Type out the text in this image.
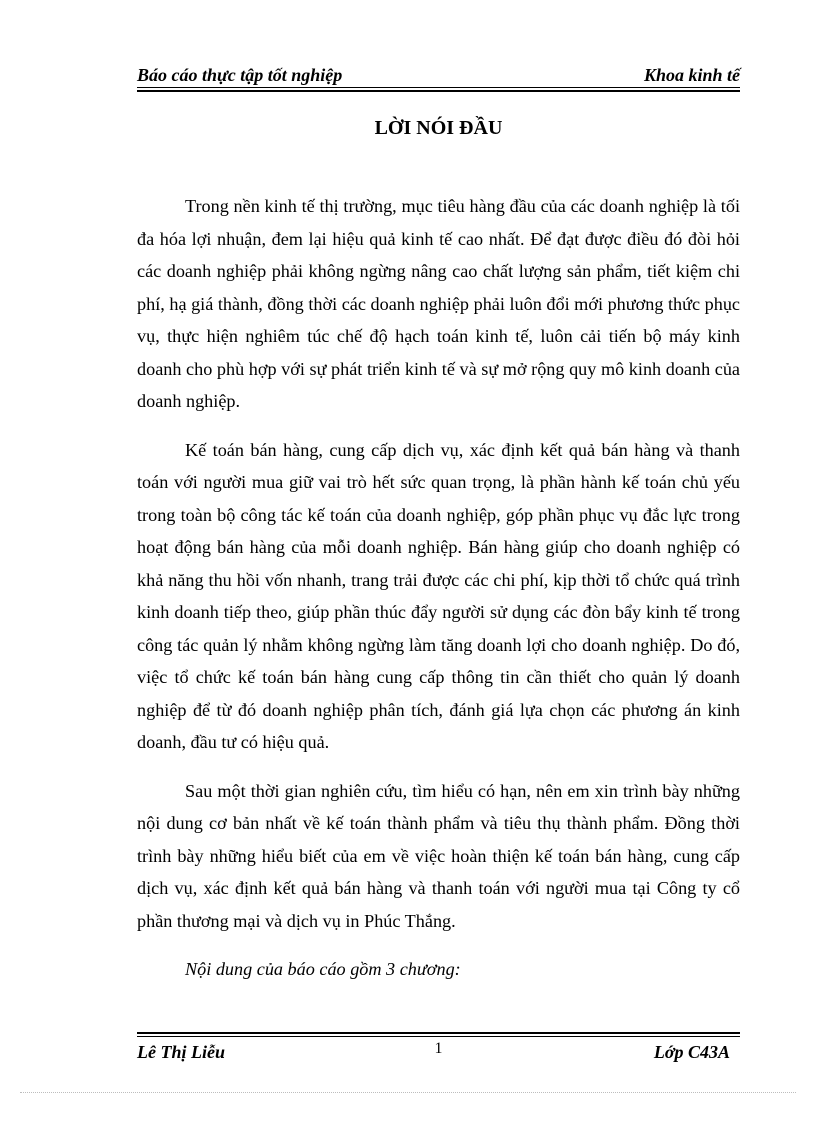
Báo cáo thực tập tốt nghiệp	Khoa kinh tế
LỜI NÓI ĐẦU

Trong nền kinh tế thị trường, mục tiêu hàng đầu của các doanh nghiệp là tối đa hóa lợi nhuận, đem lại hiệu quả kinh tế cao nhất. Để đạt được điều đó đòi hỏi các doanh nghiệp phải không ngừng nâng cao chất lượng sản phẩm, tiết kiệm chi phí, hạ giá thành, đồng thời các doanh nghiệp phải luôn đổi mới phương thức phục vụ, thực hiện nghiêm túc chế độ hạch toán kinh tế, luôn cải tiến bộ máy kinh doanh cho phù hợp với sự phát triển kinh tế và sự mở rộng quy mô kinh doanh của doanh nghiệp.

Kế toán bán hàng, cung cấp dịch vụ, xác định kết quả bán hàng và thanh toán với người mua giữ vai trò hết sức quan trọng, là phần hành kế toán chủ yếu trong toàn bộ công tác kế toán của doanh nghiệp, góp phần phục vụ đắc lực trong hoạt động bán hàng của mỗi doanh nghiệp. Bán hàng giúp cho doanh nghiệp có khả năng thu hồi vốn nhanh, trang trải được các chi phí, kịp thời tổ chức quá trình kinh doanh tiếp theo, giúp phần thúc đẩy người sử dụng các đòn bẩy kinh tế trong công tác quản lý nhằm không ngừng làm tăng doanh lợi cho doanh nghiệp. Do đó, việc tổ chức kế toán bán hàng cung cấp thông tin cần thiết cho quản lý doanh nghiệp để từ đó doanh nghiệp phân tích, đánh giá lựa chọn các phương án kinh doanh, đầu tư có hiệu quả.

Sau một thời gian nghiên cứu, tìm hiểu có hạn, nên em xin trình bày những nội dung cơ bản nhất về kế toán thành phẩm và tiêu thụ thành phẩm. Đồng thời trình bày những hiểu biết của em về việc hoàn thiện kế toán bán hàng, cung cấp dịch vụ, xác định kết quả bán hàng và thanh toán với người mua tại Công ty cổ phần thương mại và dịch vụ in Phúc Thắng.

Nội dung của báo cáo gồm 3 chương:

Lê Thị Liễu	1	Lớp C43A
